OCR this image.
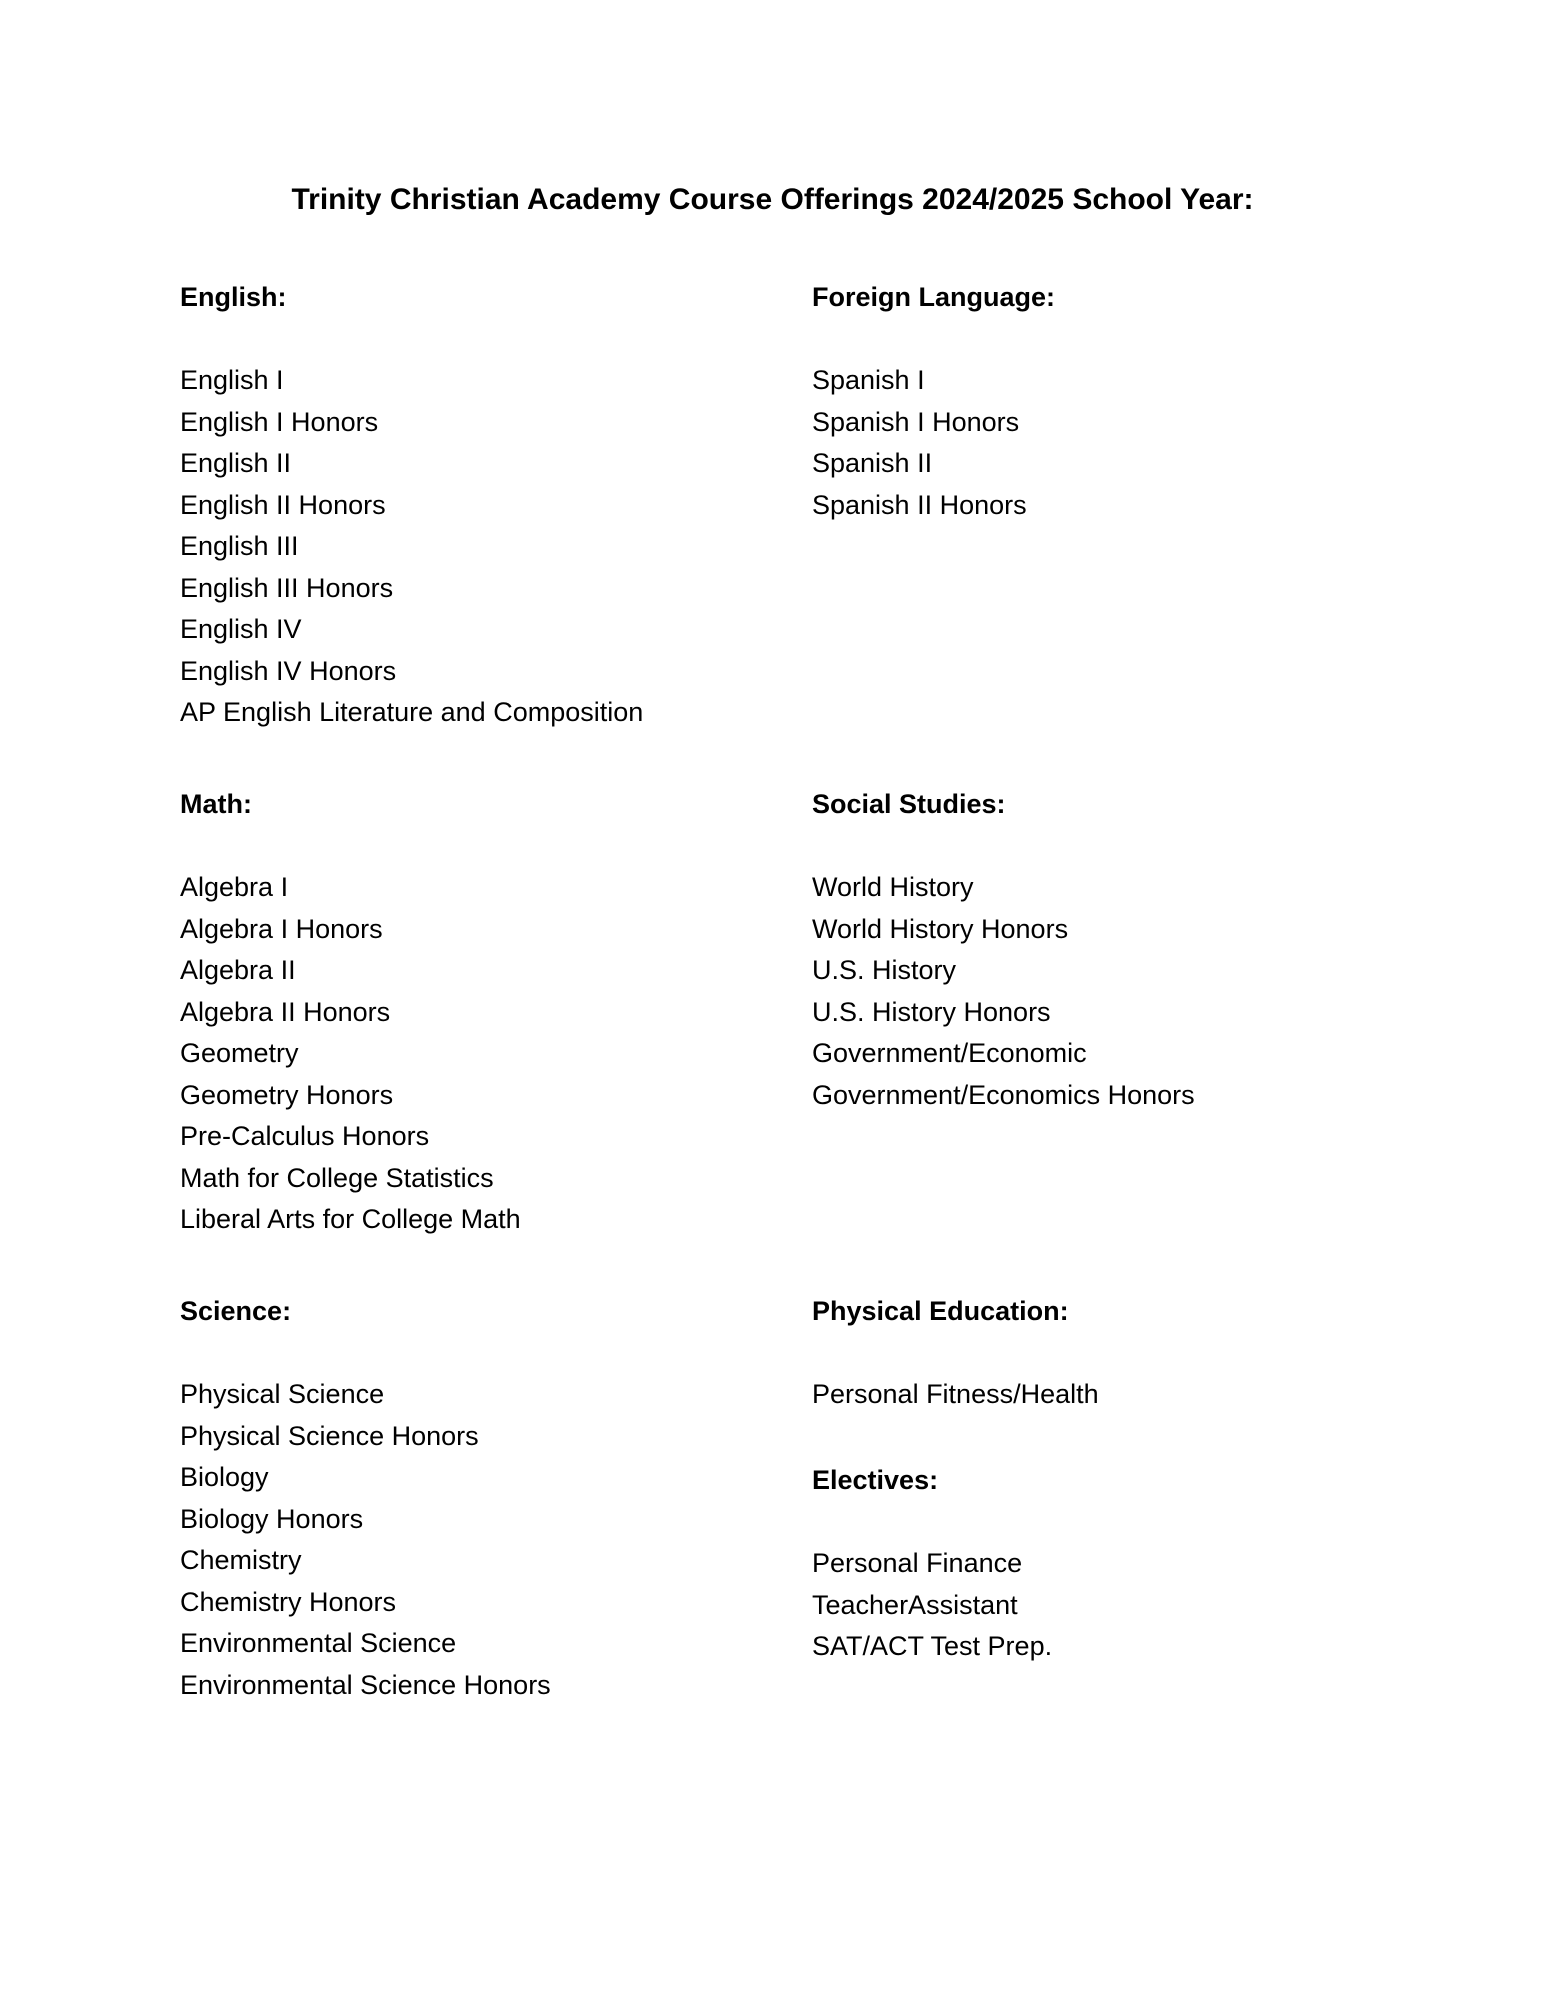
Trinity Christian Academy Course Offerings 2024/2025 School Year:
English:
English I
English I Honors
English II
English II Honors
English III
English III Honors
English IV
English IV Honors
AP English Literature and Composition
Foreign Language:
Spanish I
Spanish I Honors
Spanish II
Spanish II Honors
Math:
Algebra I
Algebra I Honors
Algebra II
Algebra II Honors
Geometry
Geometry Honors
Pre-Calculus Honors
Math for College Statistics
Liberal Arts for College Math
Social Studies:
World History
World History Honors
U.S. History
U.S. History Honors
Government/Economic
Government/Economics Honors
Science:
Physical Science
Physical Science Honors
Biology
Biology Honors
Chemistry
Chemistry Honors
Environmental Science
Environmental Science Honors
Physical Education:
Personal Fitness/Health
Electives:
Personal Finance
TeacherAssistant
SAT/ACT Test Prep.
